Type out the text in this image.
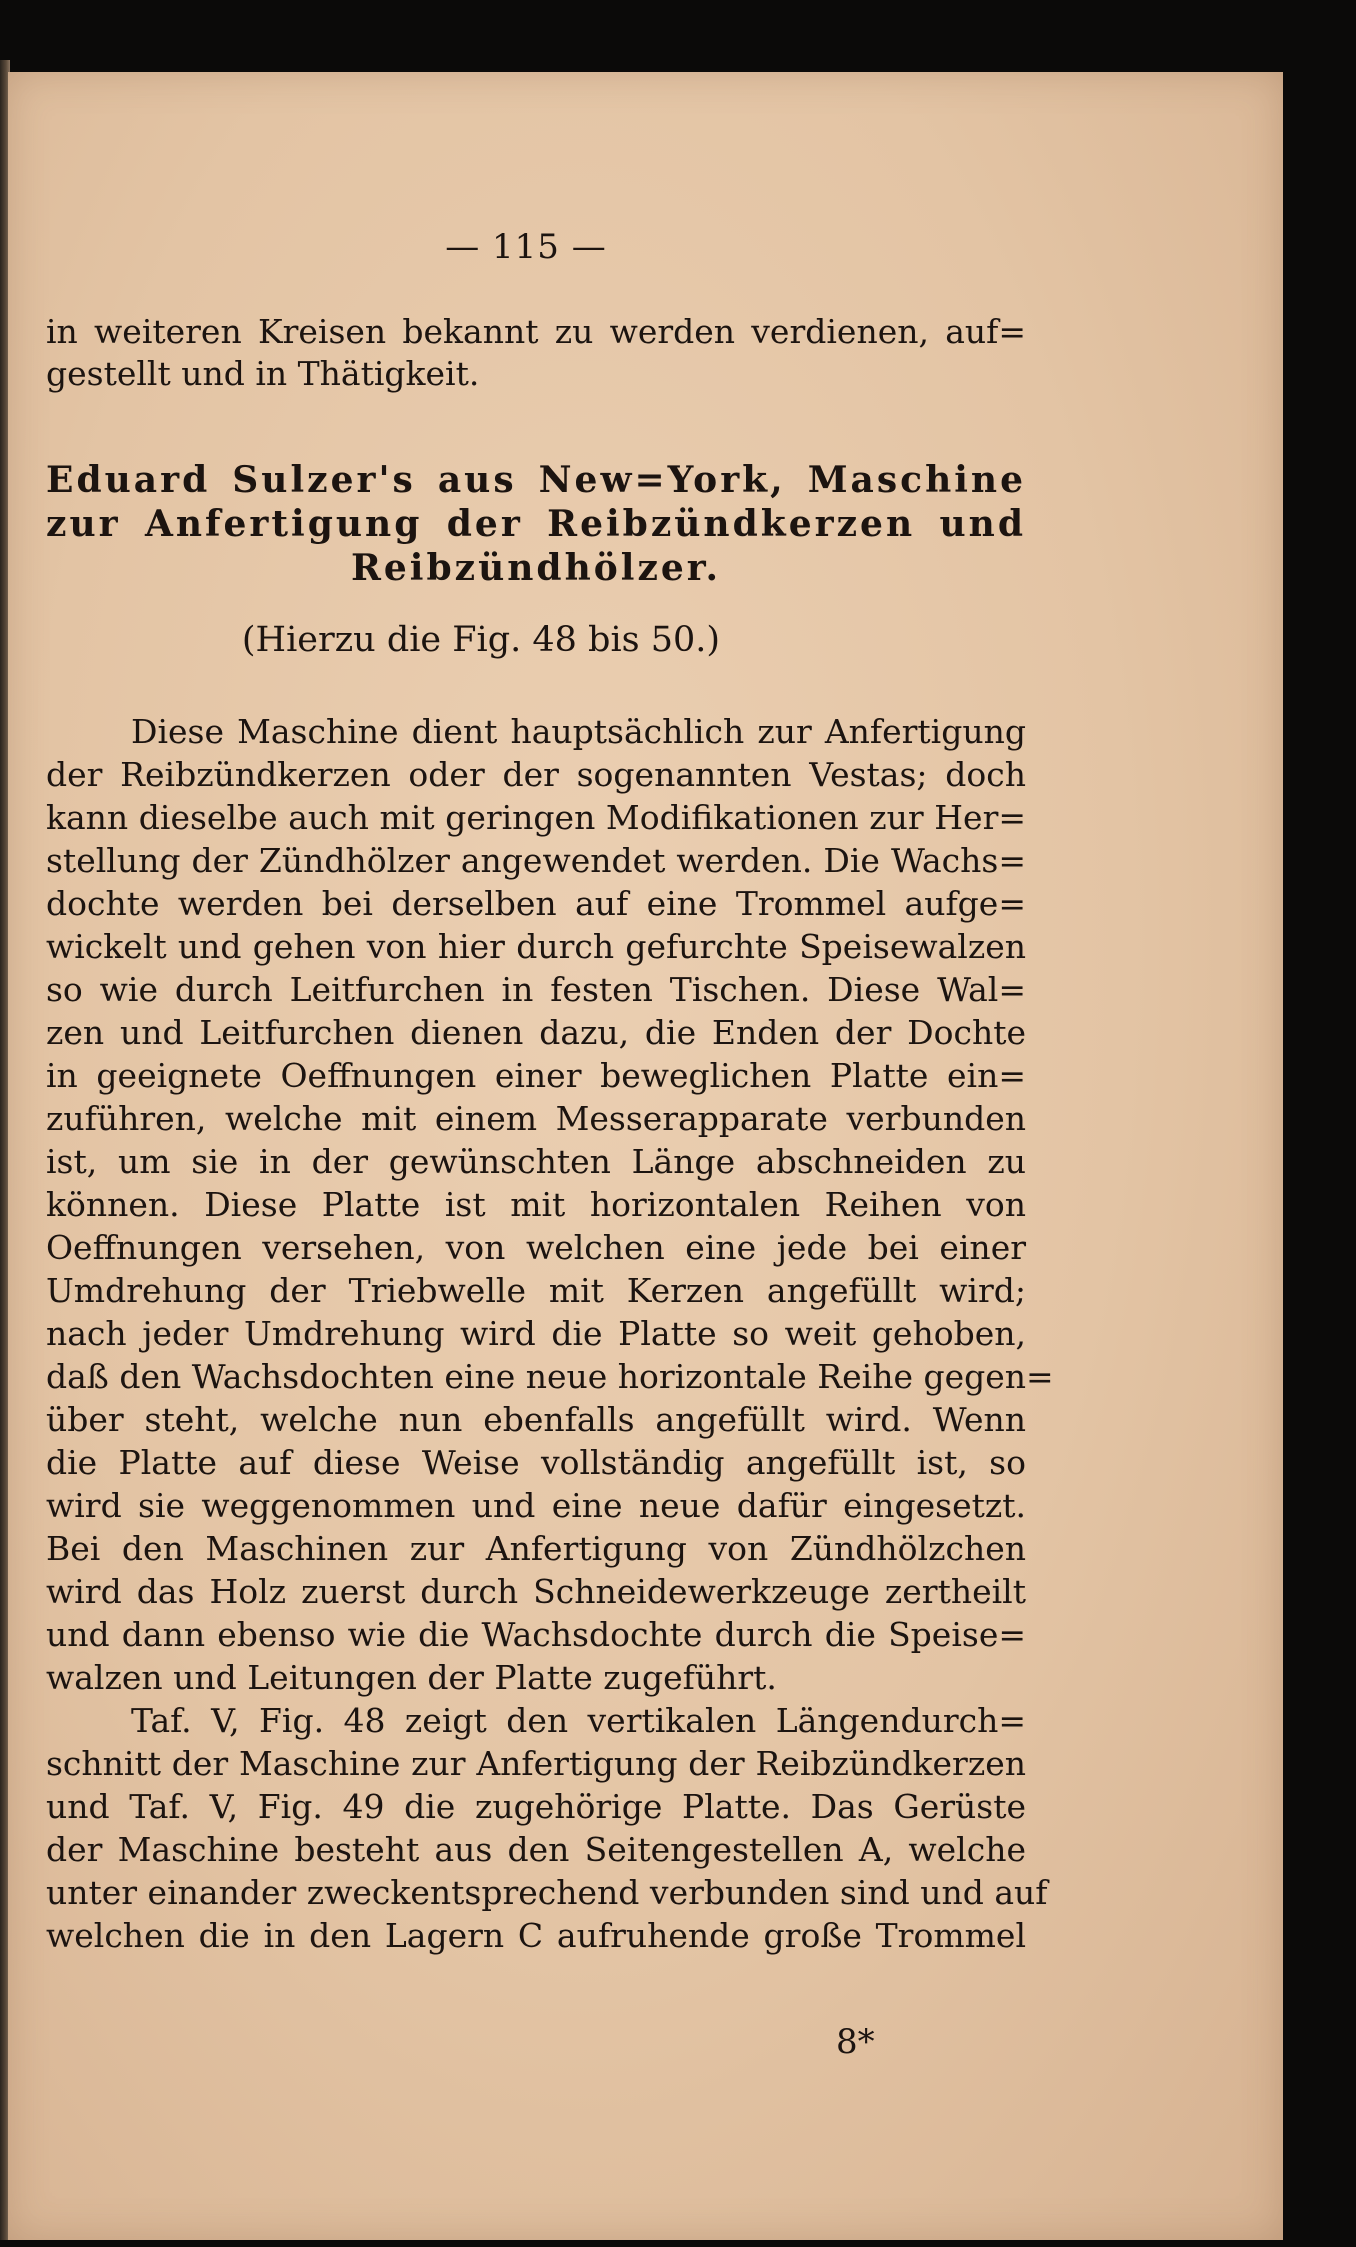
— 115 —
in weiteren Kreisen bekannt zu werden verdienen, auf=
gestellt und in Thätigkeit.
Eduard Sulzer's aus New=York, Maschine
zur Anfertigung der Reibzündkerzen und
Reibzündhölzer.
(Hierzu die Fig. 48 bis 50.)
Diese Maschine dient hauptsächlich zur Anfertigung
der Reibzündkerzen oder der sogenannten Vestas; doch
kann dieselbe auch mit geringen Modifikationen zur Her=
stellung der Zündhölzer angewendet werden. Die Wachs=
dochte werden bei derselben auf eine Trommel aufge=
wickelt und gehen von hier durch gefurchte Speisewalzen
so wie durch Leitfurchen in festen Tischen. Diese Wal=
zen und Leitfurchen dienen dazu, die Enden der Dochte
in geeignete Oeffnungen einer beweglichen Platte ein=
zuführen, welche mit einem Messerapparate verbunden
ist, um sie in der gewünschten Länge abschneiden zu
können. Diese Platte ist mit horizontalen Reihen von
Oeffnungen versehen, von welchen eine jede bei einer
Umdrehung der Triebwelle mit Kerzen angefüllt wird;
nach jeder Umdrehung wird die Platte so weit gehoben,
daß den Wachsdochten eine neue horizontale Reihe gegen=
über steht, welche nun ebenfalls angefüllt wird. Wenn
die Platte auf diese Weise vollständig angefüllt ist, so
wird sie weggenommen und eine neue dafür eingesetzt.
Bei den Maschinen zur Anfertigung von Zündhölzchen
wird das Holz zuerst durch Schneidewerkzeuge zertheilt
und dann ebenso wie die Wachsdochte durch die Speise=
walzen und Leitungen der Platte zugeführt.
Taf. V, Fig. 48 zeigt den vertikalen Längendurch=
schnitt der Maschine zur Anfertigung der Reibzündkerzen
und Taf. V, Fig. 49 die zugehörige Platte. Das Gerüste
der Maschine besteht aus den Seitengestellen A, welche
unter einander zweckentsprechend verbunden sind und auf
welchen die in den Lagern C aufruhende große Trommel
8*
